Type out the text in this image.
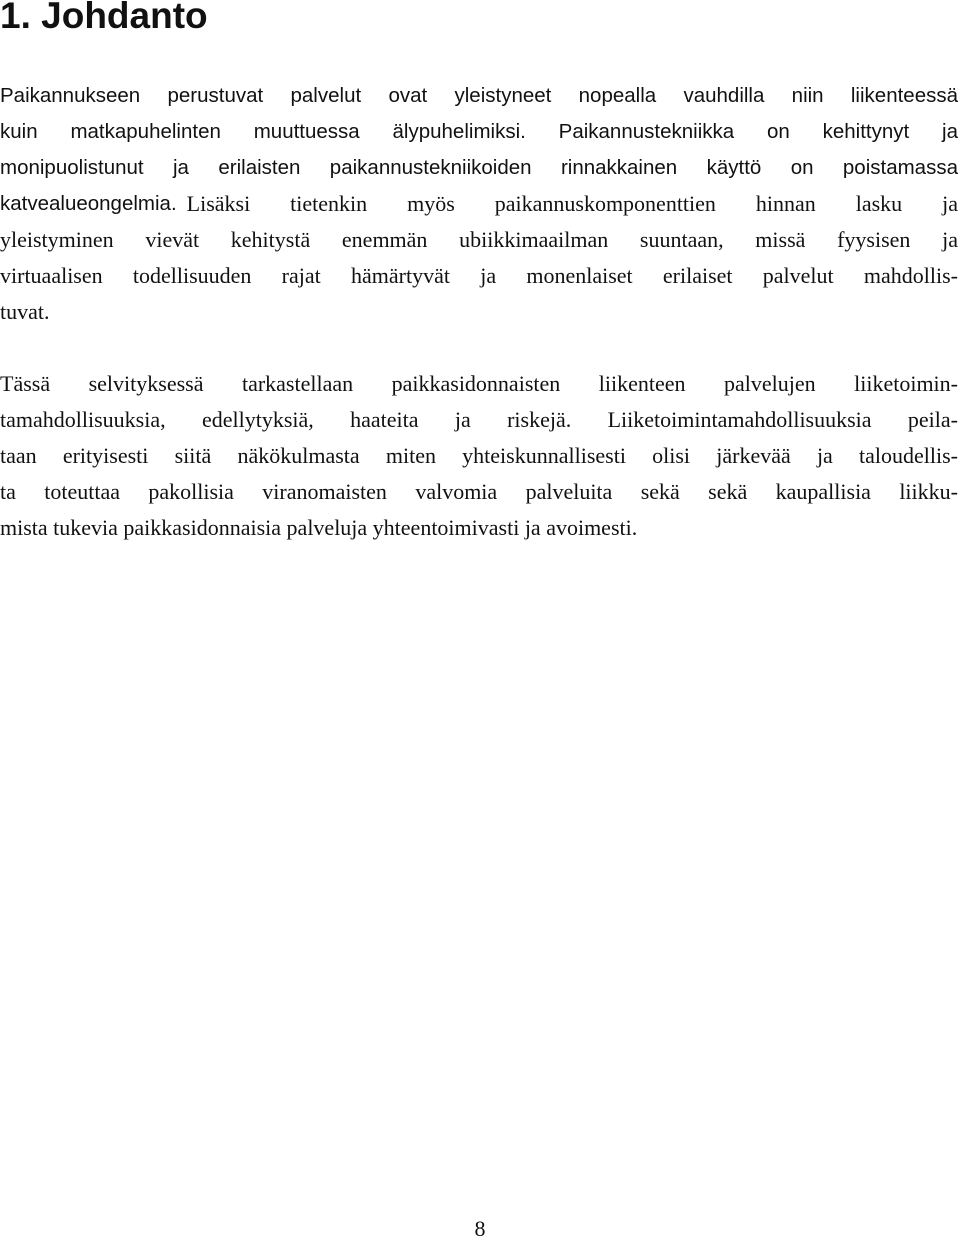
1. Johdanto
Paikannukseen perustuvat palvelut ovat yleistyneet nopealla vauhdilla niin liikenteessä
kuin matkapuhelinten muuttuessa älypuhelimiksi. Paikannustekniikka on kehittynyt ja
monipuolistunut ja erilaisten paikannustekniikoiden rinnakkainen käyttö on poistamassa
katvealueongelmia. Lisäksi tietenkin myös paikannuskomponenttien hinnan lasku ja
yleistyminen vievät kehitystä enemmän ubiikkimaailman suuntaan, missä fyysisen ja
virtuaalisen todellisuuden rajat hämärtyvät ja monenlaiset erilaiset palvelut mahdollis-
tuvat.
Tässä selvityksessä tarkastellaan paikkasidonnaisten liikenteen palvelujen liiketoimin-
tamahdollisuuksia, edellytyksiä, haateita ja riskejä. Liiketoimintamahdollisuuksia peila-
taan erityisesti siitä näkökulmasta miten yhteiskunnallisesti olisi järkevää ja taloudellis-
ta toteuttaa pakollisia viranomaisten valvomia palveluita sekä sekä kaupallisia liikku-
mista tukevia paikkasidonnaisia palveluja yhteentoimivasti ja avoimesti.
8
